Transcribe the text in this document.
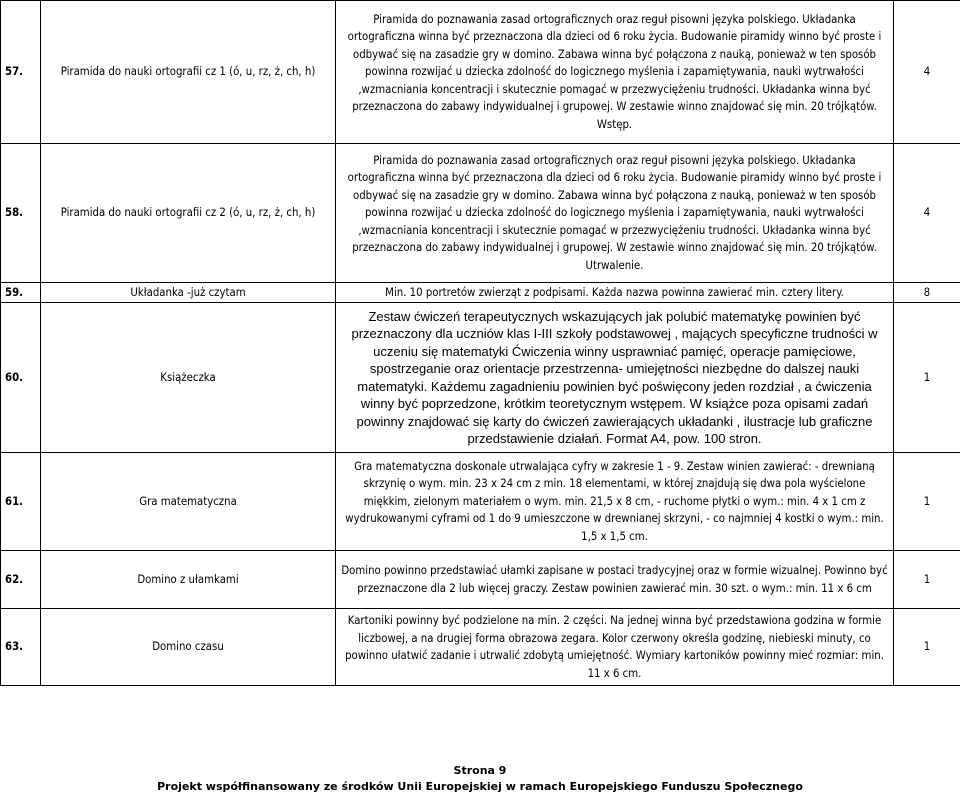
57.	Piramida do nauki ortografii cz 1 (ó, u, rz, ż, ch, h)	Piramida do poznawania zasad ortograficznych oraz reguł pisowni języka polskiego. Układanka ortograficzna winna być przeznaczona dla dzieci od 6 roku życia. Budowanie piramidy winno być proste i odbywać się na zasadzie gry w domino. Zabawa winna być połączona z nauką, ponieważ w ten sposób powinna rozwijać u dziecka zdolność do logicznego myślenia i zapamiętywania, nauki wytrwałości ,wzmacniania koncentracji i skutecznie pomagać w przezwyciężeniu trudności. Układanka winna być przeznaczona do zabawy indywidualnej i grupowej. W zestawie winno znajdować się min. 20 trójkątów. Wstęp.	4
58.	Piramida do nauki ortografii cz 2 (ó, u, rz, ż, ch, h)	Piramida do poznawania zasad ortograficznych oraz reguł pisowni języka polskiego. Układanka ortograficzna winna być przeznaczona dla dzieci od 6 roku życia. Budowanie piramidy winno być proste i odbywać się na zasadzie gry w domino. Zabawa winna być połączona z nauką, ponieważ w ten sposób powinna rozwijać u dziecka zdolność do logicznego myślenia i zapamiętywania, nauki wytrwałości ,wzmacniania koncentracji i skutecznie pomagać w przezwyciężeniu trudności. Układanka winna być przeznaczona do zabawy indywidualnej i grupowej. W zestawie winno znajdować się min. 20 trójkątów. Utrwalenie.	4
59.	Układanka -już czytam	Min. 10 portretów zwierząt z podpisami. Każda nazwa powinna zawierać min. cztery litery.	8
60.	Książeczka	Zestaw ćwiczeń terapeutycznych wskazujących jak polubić matematykę powinien być przeznaczony dla uczniów klas I-III szkoły podstawowej , mających specyficzne trudności w uczeniu się matematyki Ćwiczenia winny usprawniać pamięć, operacje pamięciowe, spostrzeganie oraz orientacje przestrzenna- umiejętności niezbędne do dalszej nauki matematyki. Każdemu zagadnieniu powinien być poświęcony jeden rozdział , a ćwiczenia winny być poprzedzone, krótkim teoretycznym wstępem. W książce poza opisami zadań powinny znajdować się karty do ćwiczeń zawierających układanki , ilustracje lub graficzne przedstawienie działań. Format A4, pow. 100 stron.	1
61.	Gra matematyczna	Gra matematyczna doskonale utrwalająca cyfry w zakresie 1 - 9. Zestaw winien zawierać: - drewnianą skrzynię o wym. min. 23 x 24 cm z min. 18 elementami, w której znajdują się dwa pola wyścielone miękkim, zielonym materiałem o wym. min. 21,5 x 8 cm, - ruchome płytki o wym.: min. 4 x 1 cm z wydrukowanymi cyframi od 1 do 9 umieszczone w drewnianej skrzyni, - co najmniej 4 kostki o wym.: min. 1,5 x 1,5 cm.	1
62.	Domino z ułamkami	Domino powinno przedstawiać ułamki zapisane w postaci tradycyjnej oraz w formie wizualnej. Powinno być przeznaczone dla 2 lub więcej graczy. Zestaw powinien zawierać min. 30 szt. o wym.: min. 11 x 6 cm	1
63.	Domino czasu	Kartoniki powinny być podzielone na min. 2 części. Na jednej winna być przedstawiona godzina w formie liczbowej, a na drugiej forma obrazowa zegara. Kolor czerwony określa godzinę, niebieski minuty, co powinno ułatwić zadanie i utrwalić zdobytą umiejętność. Wymiary kartoników powinny mieć rozmiar: min. 11 x 6 cm.	1
Strona 9
Projekt współfinansowany ze środków Unii Europejskiej w ramach Europejskiego Funduszu Społecznego
